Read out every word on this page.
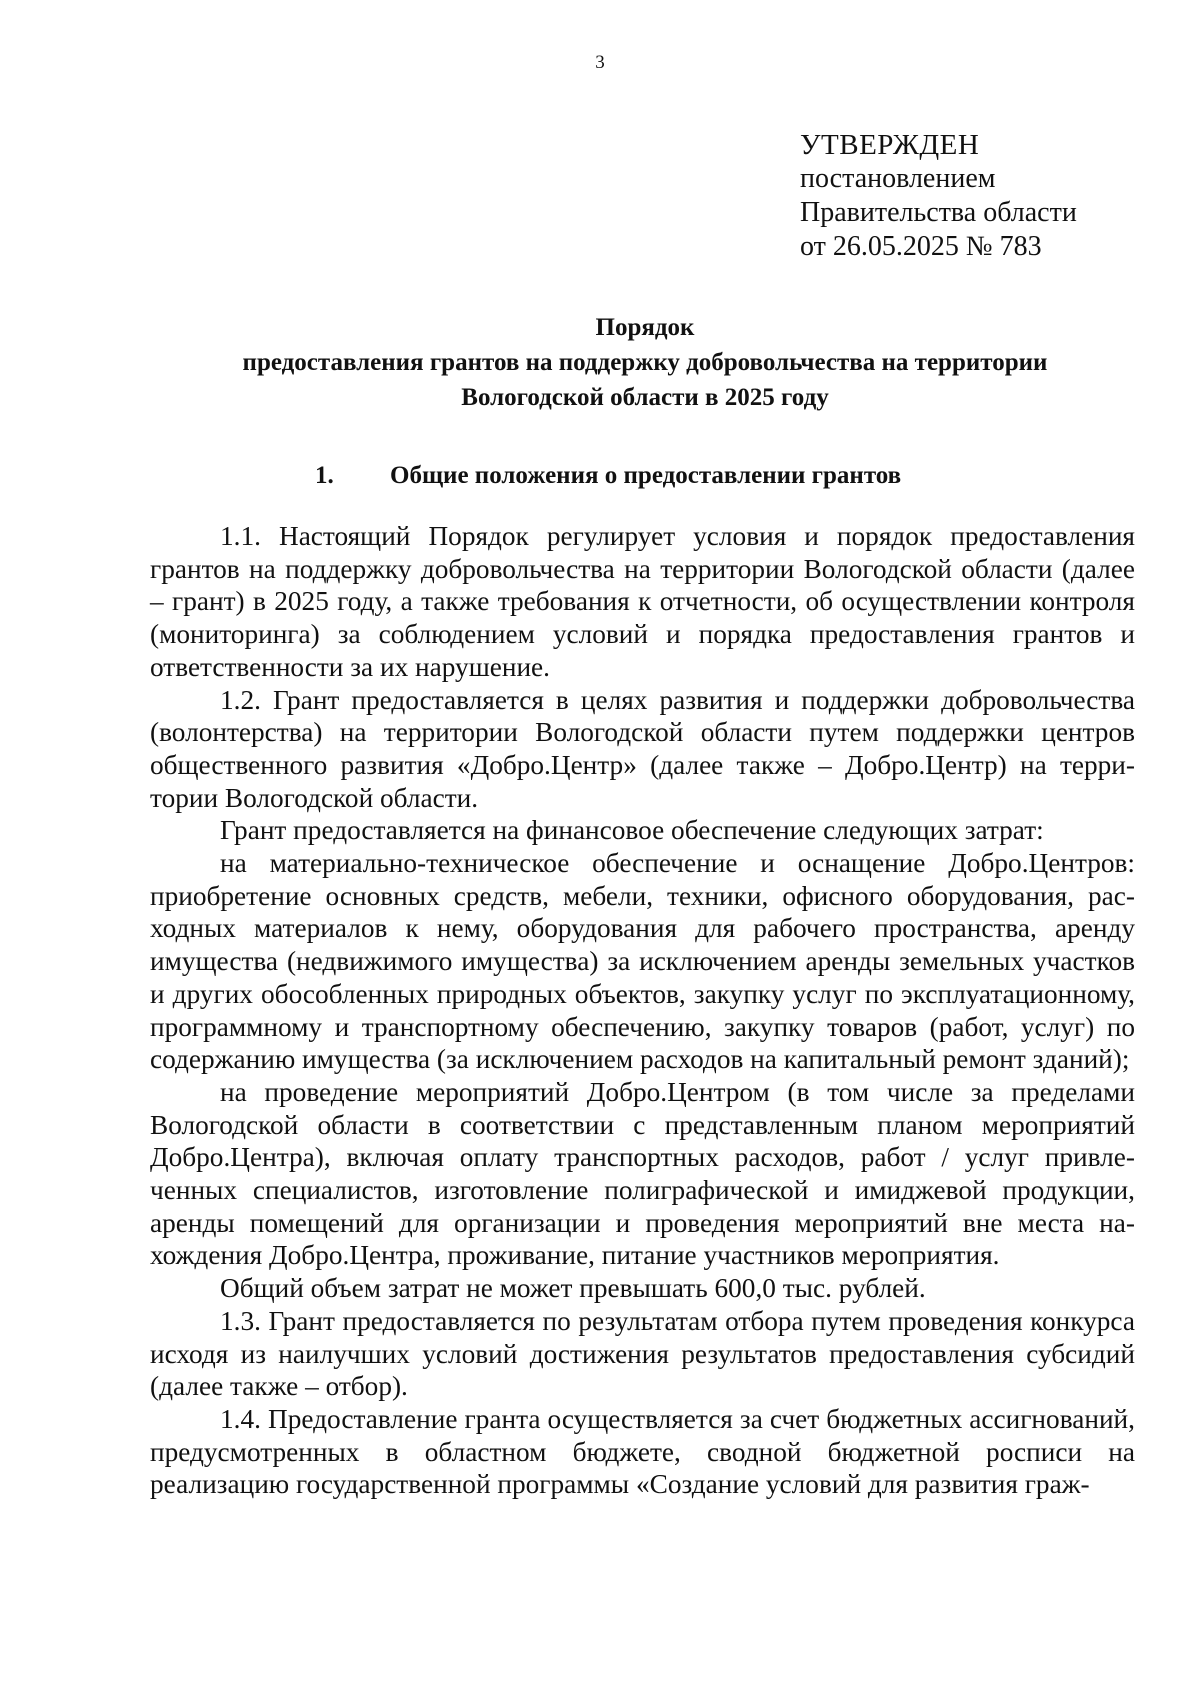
3
УТВЕРЖДЕН
постановлением
Правительства области
от 26.05.2025 № 783
Порядок
предоставления грантов на поддержку добровольчества на территории
Вологодской области в 2025 году
1. Общие положения о предоставлении грантов

1.1. Настоящий Порядок регулирует условия и порядок предоставления грантов на поддержку добровольчества на территории Вологодской области (далее – грант) в 2025 году, а также требования к отчетности, об осуществлении контроля (мониторинга) за соблюдением условий и порядка предоставления грантов и ответственности за их нарушение.

1.2. Грант предоставляется в целях развития и поддержки добровольчества (волонтерства) на территории Вологодской области путем поддержки центров общественного развития «Добро.Центр» (далее также – Добро.Центр) на территории Вологодской области.

Грант предоставляется на финансовое обеспечение следующих затрат:

на материально-техническое обеспечение и оснащение Добро.Центров: приобретение основных средств, мебели, техники, офисного оборудования, расходных материалов к нему, оборудования для рабочего пространства, аренду имущества (недвижимого имущества) за исключением аренды земельных участков и других обособленных природных объектов, закупку услуг по эксплуатационному, программному и транспортному обеспечению, закупку товаров (работ, услуг) по содержанию имущества (за исключением расходов на капитальный ремонт зданий);

на проведение мероприятий Добро.Центром (в том числе за пределами Вологодской области в соответствии с представленным планом мероприятий Добро.Центра), включая оплату транспортных расходов, работ / услуг привлеченных специалистов, изготовление полиграфической и имиджевой продукции, аренды помещений для организации и проведения мероприятий вне места нахождения Добро.Центра, проживание, питание участников мероприятия.

Общий объем затрат не может превышать 600,0 тыс. рублей.

1.3. Грант предоставляется по результатам отбора путем проведения конкурса исходя из наилучших условий достижения результатов предоставления субсидий (далее также – отбор).

1.4. Предоставление гранта осуществляется за счет бюджетных ассигнований, предусмотренных в областном бюджете, сводной бюджетной росписи на реализацию государственной программы «Создание условий для развития граж-
